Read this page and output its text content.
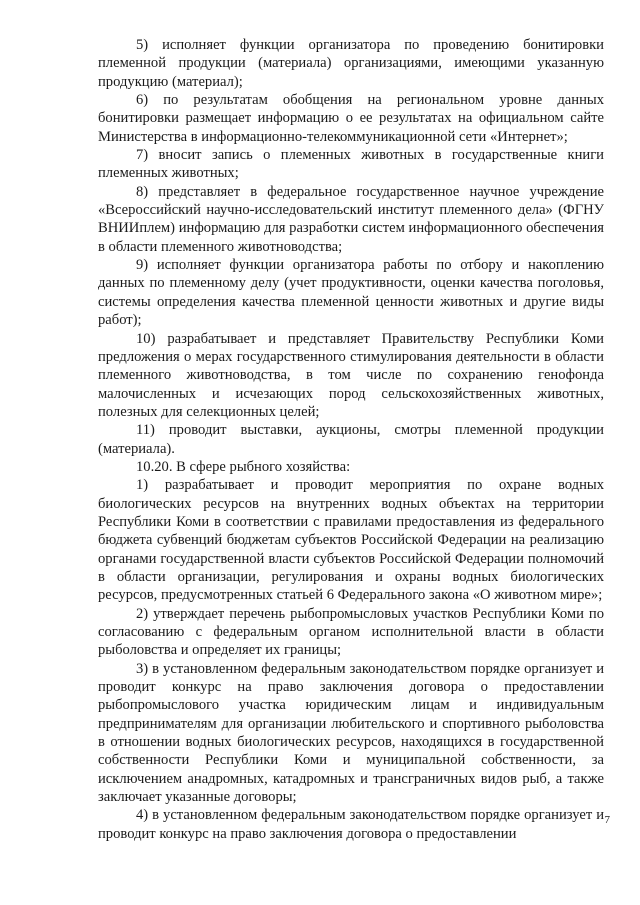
5) исполняет функции организатора по проведению бонитировки племенной продукции (материала) организациями, имеющими указанную продукцию (материал);

6) по результатам обобщения на региональном уровне данных бонитировки размещает информацию о ее результатах на официальном сайте Министерства в информационно-телекоммуникационной сети «Интернет»;

7) вносит запись о племенных животных в государственные книги племенных животных;

8) представляет в федеральное государственное научное учреждение «Всероссийский научно-исследовательский институт племенного дела» (ФГНУ ВНИИплем) информацию для разработки систем информационного обеспечения в области племенного животноводства;

9) исполняет функции организатора работы по отбору и накоплению данных по племенному делу (учет продуктивности, оценки качества поголовья, системы определения качества племенной ценности животных и другие виды работ);

10) разрабатывает и представляет Правительству Республики Коми предложения о мерах государственного стимулирования деятельности в области племенного животноводства, в том числе по сохранению генофонда малочисленных и исчезающих пород сельскохозяйственных животных, полезных для селекционных целей;

11) проводит выставки, аукционы, смотры племенной продукции (материала).

10.20. В сфере рыбного хозяйства:

1) разрабатывает и проводит мероприятия по охране водных биологических ресурсов на внутренних водных объектах на территории Республики Коми в соответствии с правилами предоставления из федерального бюджета субвенций бюджетам субъектов Российской Федерации на реализацию органами государственной власти субъектов Российской Федерации полномочий в области организации, регулирования и охраны водных биологических ресурсов, предусмотренных статьей 6 Федерального закона «О животном мире»;

2) утверждает перечень рыбопромысловых участков Республики Коми по согласованию с федеральным органом исполнительной власти в области рыболовства и определяет их границы;

3) в установленном федеральным законодательством порядке организует и проводит конкурс на право заключения договора о предоставлении рыбопромыслового участка юридическим лицам и индивидуальным предпринимателям для организации любительского и спортивного рыболовства в отношении водных биологических ресурсов, находящихся в государственной собственности Республики Коми и муниципальной собственности, за исключением анадромных, катадромных и трансграничных видов рыб, а также заключает указанные договоры;

4) в установленном федеральным законодательством порядке организует и проводит конкурс на право заключения договора о предоставлении

7
